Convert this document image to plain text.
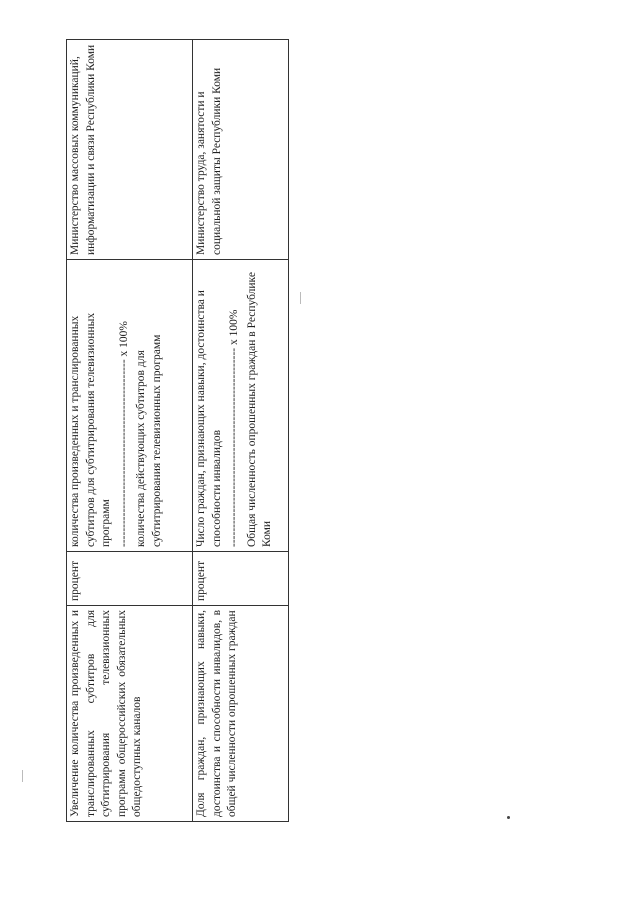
Увеличение количества произведенных и транслированных субтитров для субтитрирования телевизионных программ общероссийских обязательных общедоступных каналов	процент	количества произведенных и транслированных субтитров для субтитрирования телевизионных программ ------------------------------------------------- х 100% количества действующих субтитров для субтитрирования телевизионных программ	Министерство массовых коммуникаций, информатизации и связи Республики Коми
Доля граждан, признающих навыки, достоинства и способности инвалидов, в общей численности опрошенных граждан	процент	Число граждан, признающих навыки, достоинства и способности инвалидов ---------------------------------------------------- х 100% Общая численность опрошенных граждан в Республике Коми	Министерство труда, занятости и социальной защиты Республики Коми
